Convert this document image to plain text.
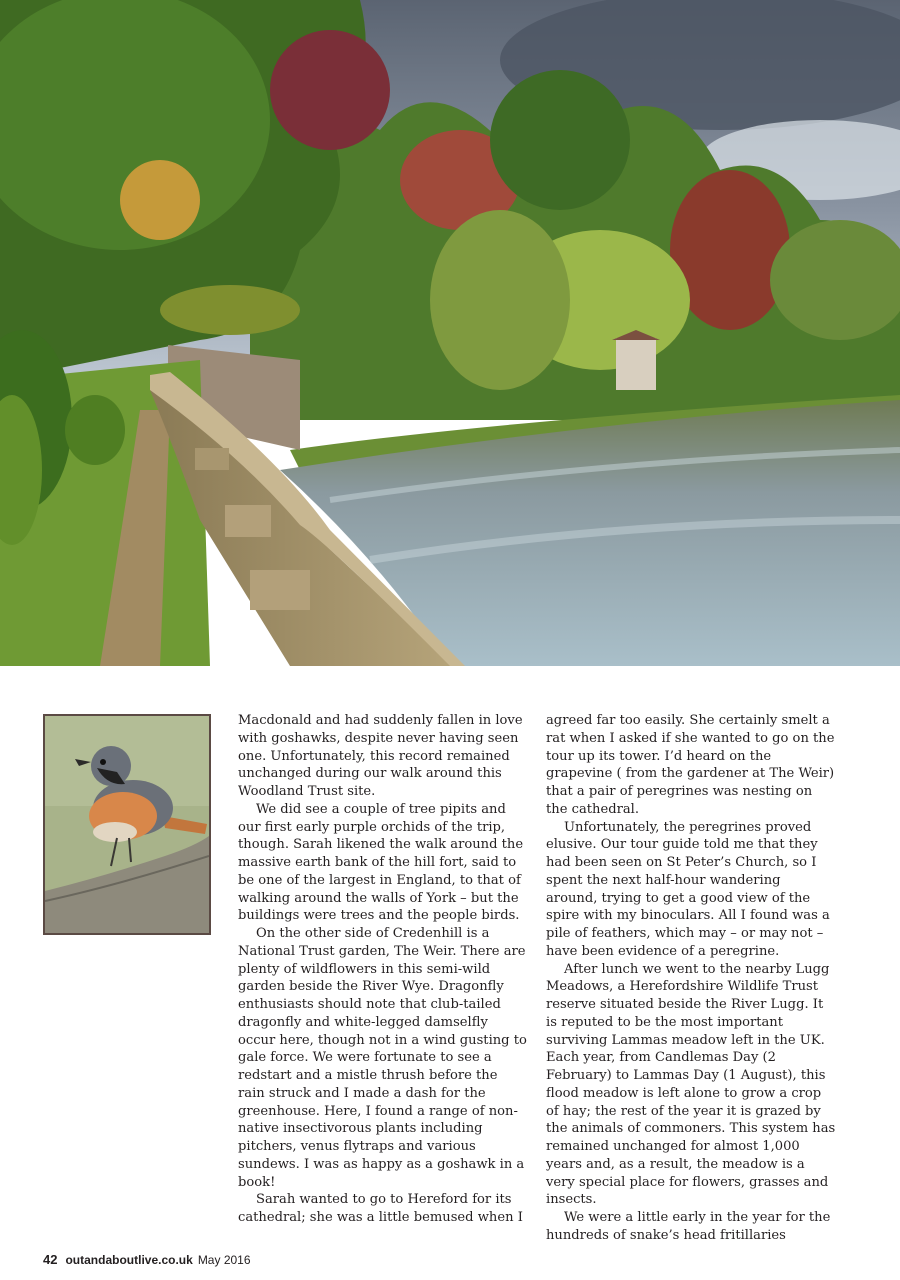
Macdonald and had suddenly fallen in love with goshawks, despite never having seen one. Unfortunately, this record remained unchanged during our walk around this Woodland Trust site.

We did see a couple of tree pipits and our first early purple orchids of the trip, though. Sarah likened the walk around the massive earth bank of the hill fort, said to be one of the largest in England, to that of walking around the walls of York – but the buildings were trees and the people birds.

On the other side of Credenhill is a National Trust garden, The Weir. There are plenty of wildflowers in this semi-wild garden beside the River Wye. Dragonfly enthusiasts should note that club-tailed dragonfly and white-legged damselfly occur here, though not in a wind gusting to gale force. We were fortunate to see a redstart and a mistle thrush before the rain struck and I made a dash for the greenhouse. Here, I found a range of non-native insectivorous plants including pitchers, venus flytraps and various sundews. I was as happy as a goshawk in a book!

Sarah wanted to go to Hereford for its cathedral; she was a little bemused when I

agreed far too easily. She certainly smelt a rat when I asked if she wanted to go on the tour up its tower. I’d heard on the grapevine ( from the gardener at The Weir) that a pair of peregrines was nesting on the cathedral.

Unfortunately, the peregrines proved elusive. Our tour guide told me that they had been seen on St Peter’s Church, so I spent the next half-hour wandering around, trying to get a good view of the spire with my binoculars. All I found was a pile of feathers, which may – or may not – have been evidence of a peregrine.

After lunch we went to the nearby Lugg Meadows, a Herefordshire Wildlife Trust reserve situated beside the River Lugg. It is reputed to be the most important surviving Lammas meadow left in the UK. Each year, from Candlemas Day (2 February) to Lammas Day (1 August), this flood meadow is left alone to grow a crop of hay; the rest of the year it is grazed by the animals of commoners. This system has remained unchanged for almost 1,000 years and, as a result, the meadow is a very special place for flowers, grasses and insects.

We were a little early in the year for the hundreds of snake’s head fritillaries

42 outandaboutlive.co.uk May 2016
